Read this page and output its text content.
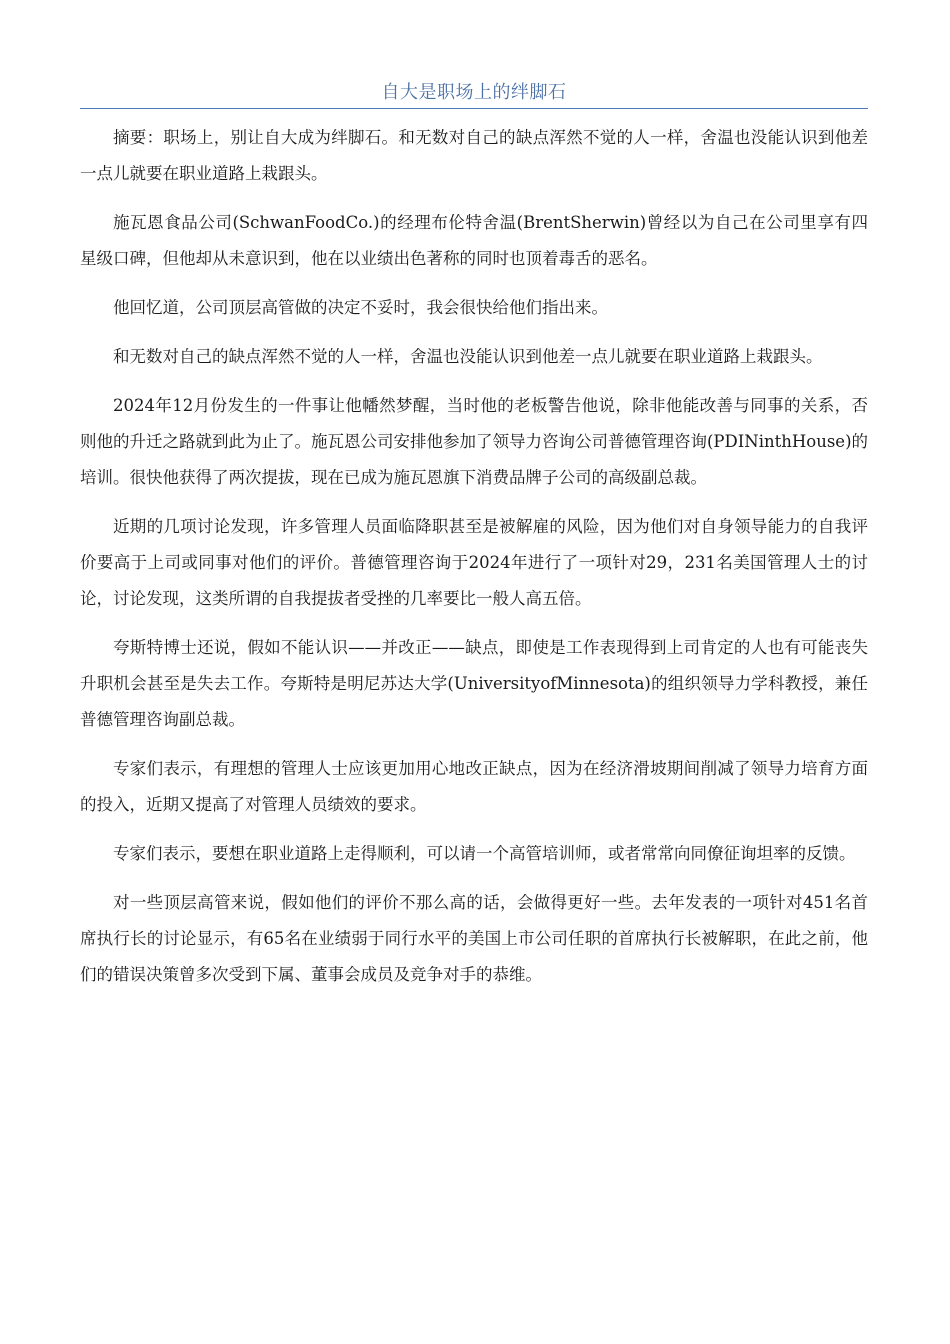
自大是职场上的绊脚石

摘要：职场上，别让自大成为绊脚石。和无数对自己的缺点浑然不觉的人一样，舍温也没能认识到他差一点儿就要在职业道路上栽跟头。

施瓦恩食品公司(SchwanFoodCo.)的经理布伦特舍温(BrentSherwin)曾经以为自己在公司里享有四星级口碑，但他却从未意识到，他在以业绩出色著称的同时也顶着毒舌的恶名。

他回忆道，公司顶层高管做的决定不妥时，我会很快给他们指出来。

和无数对自己的缺点浑然不觉的人一样，舍温也没能认识到他差一点儿就要在职业道路上栽跟头。

2024年12月份发生的一件事让他幡然梦醒，当时他的老板警告他说，除非他能改善与同事的关系，否则他的升迁之路就到此为止了。施瓦恩公司安排他参加了领导力咨询公司普德管理咨询(PDINinthHouse)的培训。很快他获得了两次提拔，现在已成为施瓦恩旗下消费品牌子公司的高级副总裁。

近期的几项讨论发现，许多管理人员面临降职甚至是被解雇的风险，因为他们对自身领导能力的自我评价要高于上司或同事对他们的评价。普德管理咨询于2024年进行了一项针对29，231名美国管理人士的讨论，讨论发现，这类所谓的自我提拔者受挫的几率要比一般人高五倍。

夸斯特博士还说，假如不能认识——并改正——缺点，即使是工作表现得到上司肯定的人也有可能丧失升职机会甚至是失去工作。夸斯特是明尼苏达大学(UniversityofMinnesota)的组织领导力学科教授，兼任普德管理咨询副总裁。

专家们表示，有理想的管理人士应该更加用心地改正缺点，因为在经济滑坡期间削减了领导力培育方面的投入，近期又提高了对管理人员绩效的要求。

专家们表示，要想在职业道路上走得顺利，可以请一个高管培训师，或者常常向同僚征询坦率的反馈。

对一些顶层高管来说，假如他们的评价不那么高的话，会做得更好一些。去年发表的一项针对451名首席执行长的讨论显示，有65名在业绩弱于同行水平的美国上市公司任职的首席执行长被解职，在此之前，他们的错误决策曾多次受到下属、董事会成员及竞争对手的恭维。
